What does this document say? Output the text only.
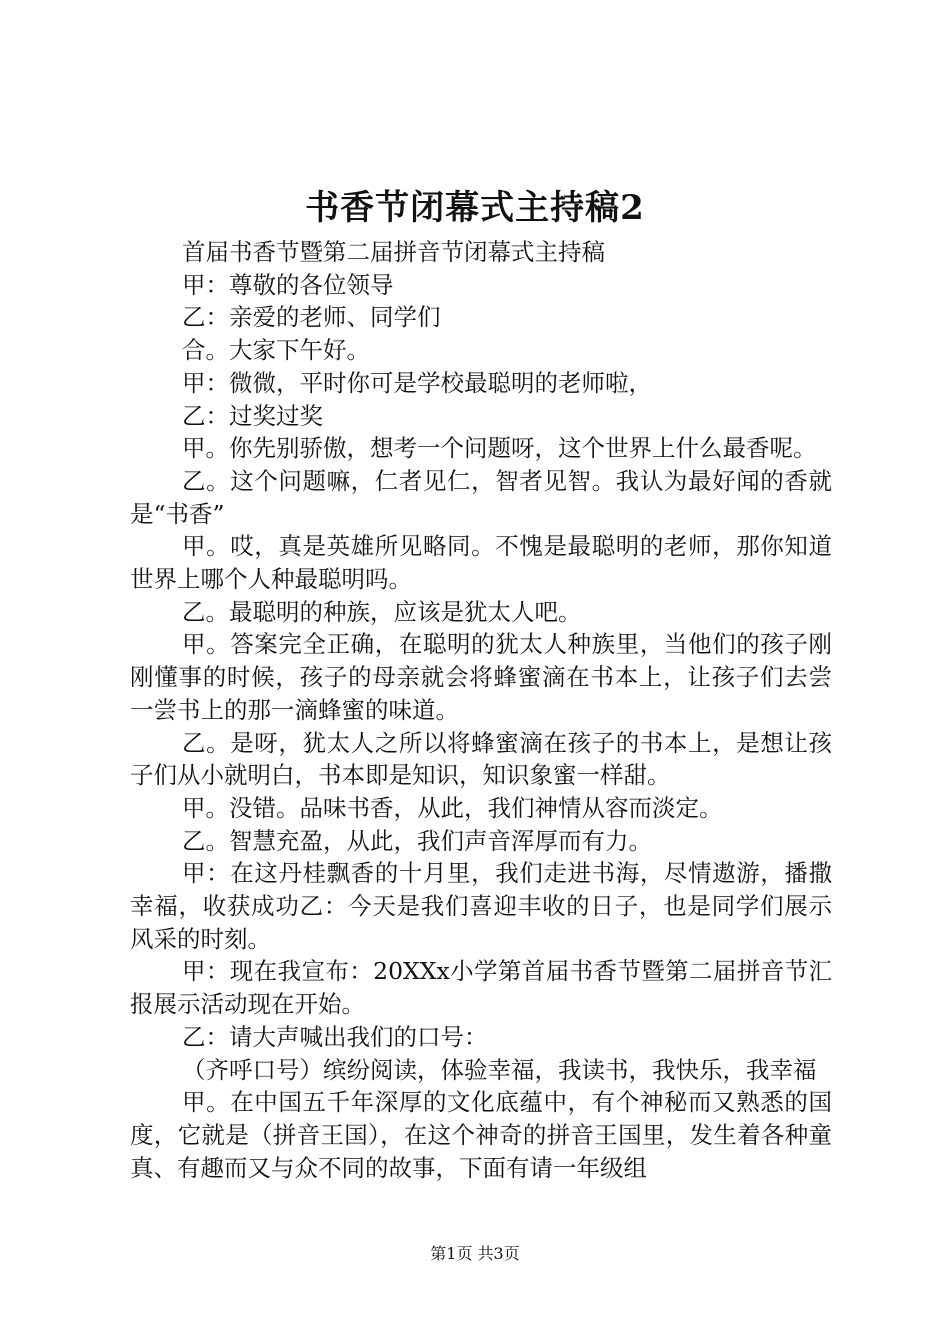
书香节闭幕式主持稿2

首届书香节暨第二届拼音节闭幕式主持稿

甲：尊敬的各位领导

乙：亲爱的老师、同学们

合。大家下午好。

甲：微微，平时你可是学校最聪明的老师啦，

乙：过奖过奖

甲。你先别骄傲，想考一个问题呀，这个世界上什么最香呢。

乙。这个问题嘛，仁者见仁，智者见智。我认为最好闻的香就是“书香”

甲。哎，真是英雄所见略同。不愧是最聪明的老师，那你知道世界上哪个人种最聪明吗。

乙。最聪明的种族，应该是犹太人吧。

甲。答案完全正确，在聪明的犹太人种族里，当他们的孩子刚刚懂事的时候，孩子的母亲就会将蜂蜜滴在书本上，让孩子们去尝一尝书上的那一滴蜂蜜的味道。

乙。是呀，犹太人之所以将蜂蜜滴在孩子的书本上，是想让孩子们从小就明白，书本即是知识，知识象蜜一样甜。

甲。没错。品味书香，从此，我们神情从容而淡定。

乙。智慧充盈，从此，我们声音浑厚而有力。

甲：在这丹桂飘香的十月里，我们走进书海，尽情遨游，播撒幸福，收获成功乙：今天是我们喜迎丰收的日子，也是同学们展示风采的时刻。

甲：现在我宣布：20XXx小学第首届书香节暨第二届拼音节汇报展示活动现在开始。

乙：请大声喊出我们的口号：

（齐呼口号）缤纷阅读，体验幸福，我读书，我快乐，我幸福

甲。在中国五千年深厚的文化底蕴中，有个神秘而又熟悉的国度，它就是（拼音王国），在这个神奇的拼音王国里，发生着各种童真、有趣而又与众不同的故事，下面有请一年级组

第1页 共3页
